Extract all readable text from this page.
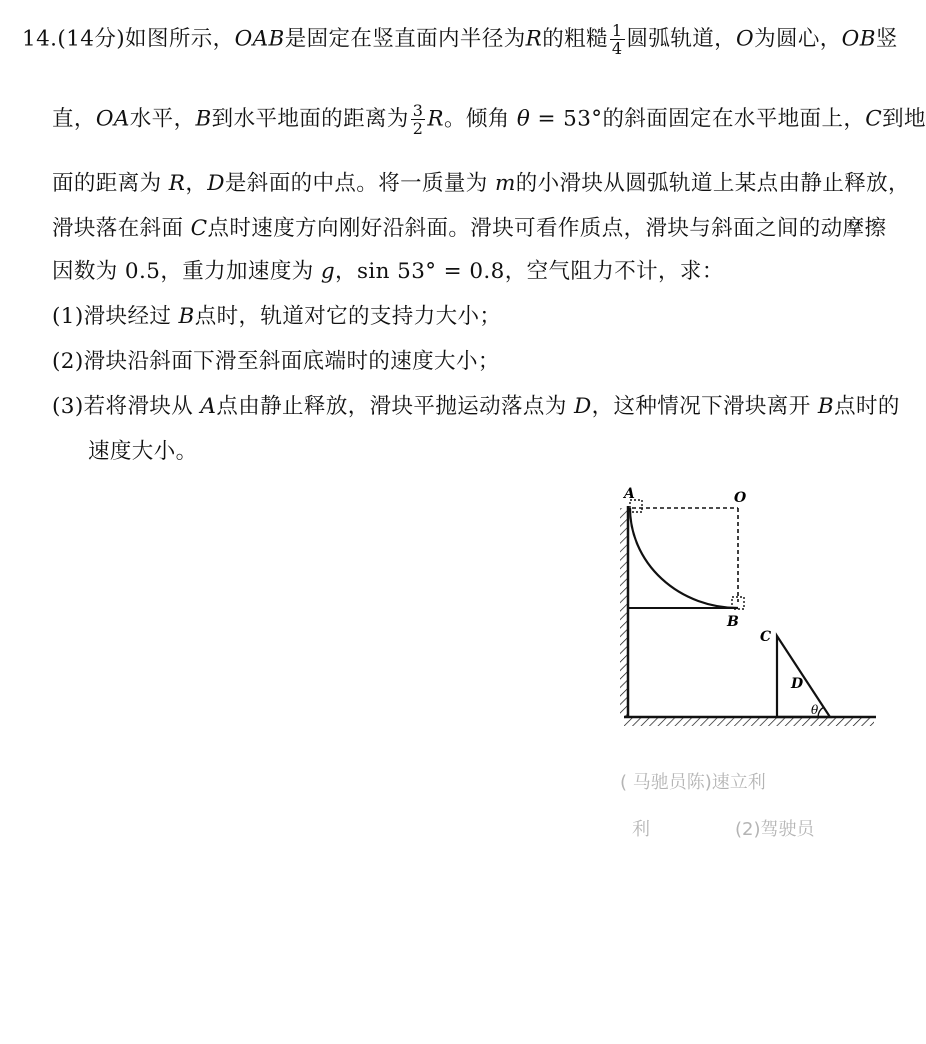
14.(14分)如图所示，OAB是固定在竖直面内半径为R的粗糙 $\frac{1}{4}$ 圆弧轨道，O为圆心，OB竖
直，OA水平，B到水平地面的距离为 $\frac{3}{2}$ R。倾角 θ = 53°的斜面固定在水平地面上，C到地
面的距离为 R，D是斜面的中点。将一质量为 m的小滑块从圆弧轨道上某点由静止释放，
滑块落在斜面 C点时速度方向刚好沿斜面。滑块可看作质点，滑块与斜面之间的动摩擦
因数为 0.5，重力加速度为 g，sin 53° = 0.8，空气阻力不计，求：
(1)滑块经过 B点时，轨道对它的支持力大小；
(2)滑块沿斜面下滑至斜面底端时的速度大小；
(3)若将滑块从 A点由静止释放，滑块平抛运动落点为 D，这种情况下滑块离开 B点时的
速度大小。
A	O
B
C
D
θ
( 马驰员陈)速立利
利	(2)驾驶员
